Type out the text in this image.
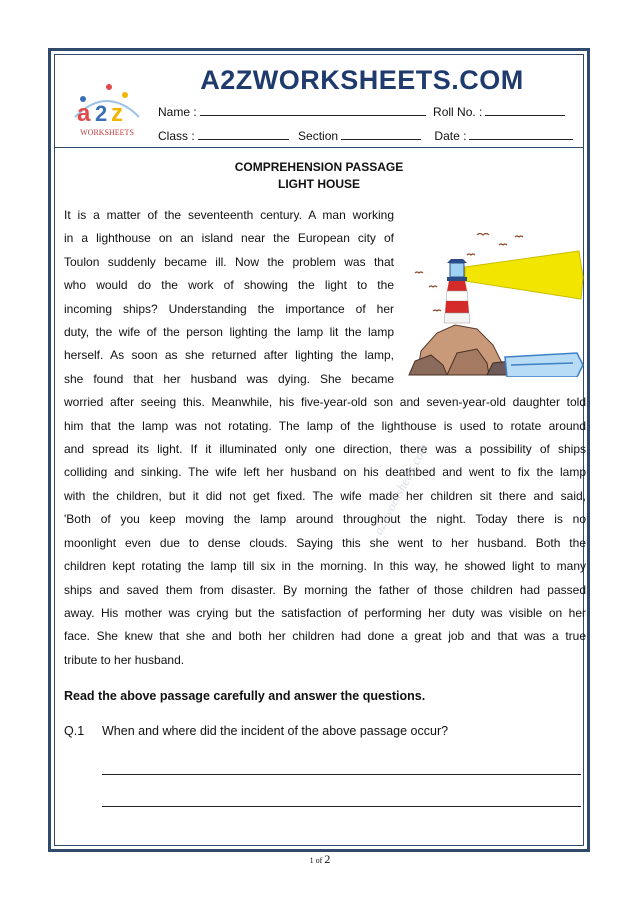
a 2 z
WORKSHEETS
A2ZWORKSHEETS.COM
Name :	Roll No. :
Class :	Section	Date :
COMPREHENSION PASSAGE
LIGHT HOUSE
It is a matter of the seventeenth century. A man working
in a lighthouse on an island near the European city of
Toulon suddenly became ill. Now the problem was that
who would do the work of showing the light to the
incoming ships? Understanding the importance of her
duty, the wife of the person lighting the lamp lit the lamp
herself. As soon as she returned after lighting the lamp,
she found that her husband was dying. She became
worried after seeing this. Meanwhile, his five-year-old son and seven-year-old daughter told
him that the lamp was not rotating. The lamp of the lighthouse is used to rotate around
and spread its light. If it illuminated only one direction, there was a possibility of ships
colliding and sinking. The wife left her husband on his deathbed and went to fix the lamp
with the children, but it did not get fixed. The wife made her children sit there and said,
'Both of you keep moving the lamp around throughout the night. Today there is no
moonlight even due to dense clouds. Saying this she went to her husband. Both the
children kept rotating the lamp till six in the morning. In this way, he showed light to many
ships and saved them from disaster. By morning the father of those children had passed
away. His mother was crying but the satisfaction of performing her duty was visible on her
face. She knew that she and both her children had done a great job and that was a true
tribute to her husband.
a2zworksheets.com
Read the above passage carefully and answer the questions.
Q.1 When and where did the incident of the above passage occur?
1 of 2
